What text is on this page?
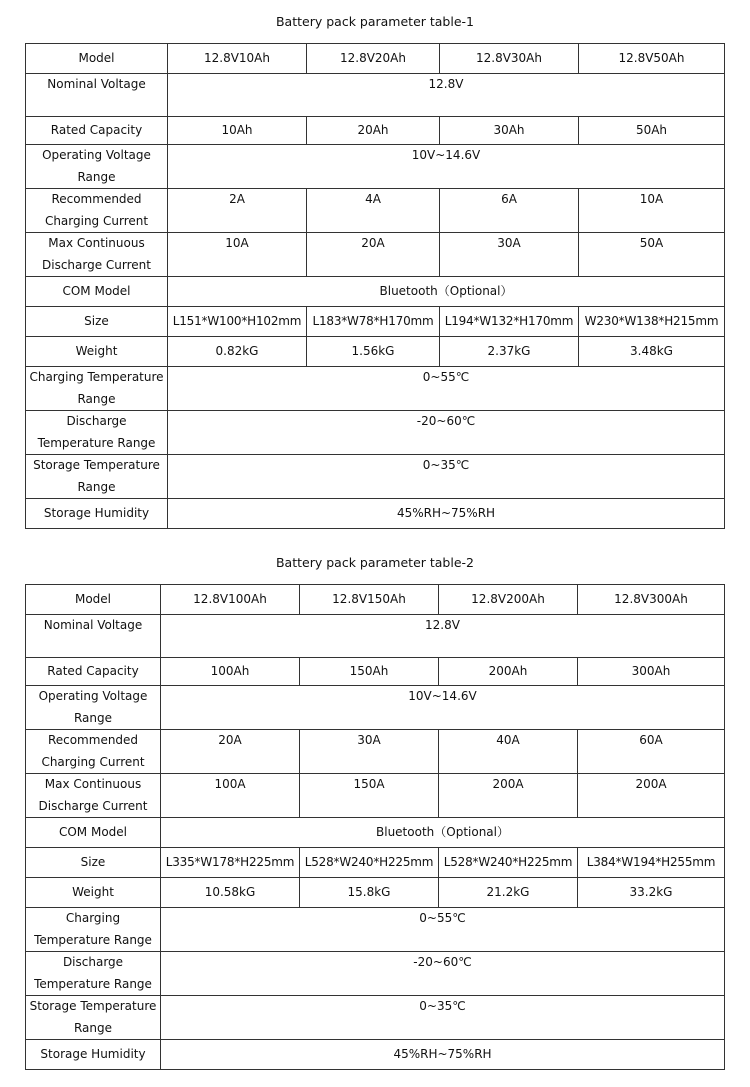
Battery pack parameter table-1
Model	12.8V10Ah	12.8V20Ah	12.8V30Ah	12.8V50Ah
Nominal Voltage	12.8V			
Rated Capacity	10Ah	20Ah	30Ah	50Ah
Operating Voltage Range	10V~14.6V			
Recommended Charging Current	2A	4A	6A	10A
Max Continuous Discharge Current	10A	20A	30A	50A
COM Model	Bluetooth（Optional）			
Size	L151*W100*H102mm	L183*W78*H170mm	L194*W132*H170mm	W230*W138*H215mm
Weight	0.82kG	1.56kG	2.37kG	3.48kG
Charging Temperature Range	0~55℃			
Discharge Temperature Range	-20~60℃			
Storage Temperature Range	0~35℃			
Storage Humidity	45%RH~75%RH			
Battery pack parameter table-2
Model	12.8V100Ah	12.8V150Ah	12.8V200Ah	12.8V300Ah
Nominal Voltage	12.8V			
Rated Capacity	100Ah	150Ah	200Ah	300Ah
Operating Voltage Range	10V~14.6V			
Recommended Charging Current	20A	30A	40A	60A
Max Continuous Discharge Current	100A	150A	200A	200A
COM Model	Bluetooth（Optional）			
Size	L335*W178*H225mm	L528*W240*H225mm	L528*W240*H225mm	L384*W194*H255mm
Weight	10.58kG	15.8kG	21.2kG	33.2kG
Charging Temperature Range	0~55℃			
Discharge Temperature Range	-20~60℃			
Storage Temperature Range	0~35℃			
Storage Humidity	45%RH~75%RH			
